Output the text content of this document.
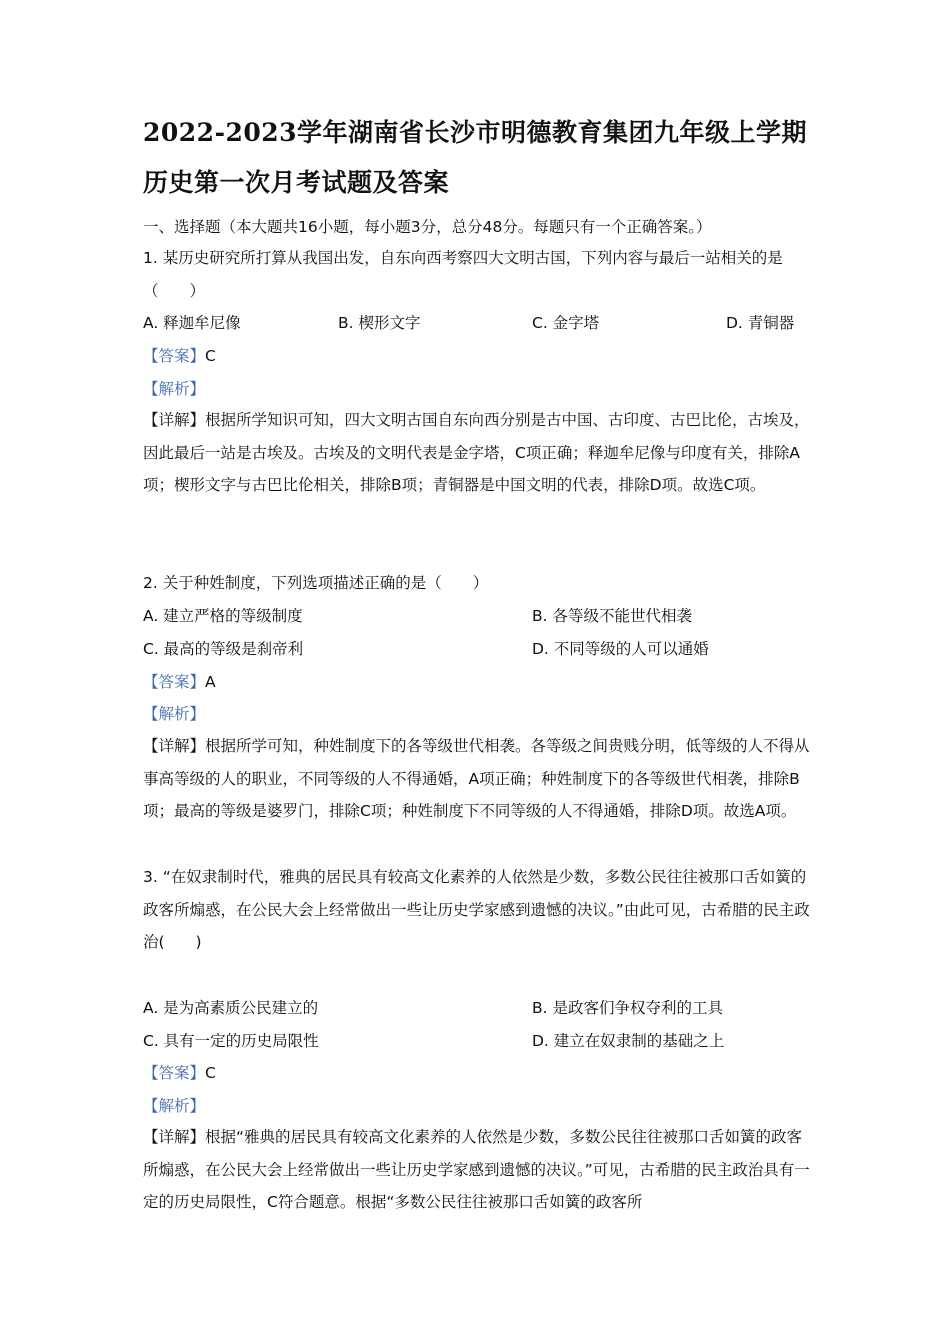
2022-2023学年湖南省长沙市明德教育集团九年级上学期历史第一次月考试题及答案
一、选择题（本大题共16小题，每小题3分，总分48分。每题只有一个正确答案。）
1. 某历史研究所打算从我国出发，自东向西考察四大文明古国，下列内容与最后一站相关的是（　　）
A. 释迦牟尼像	B. 楔形文字	C. 金字塔	D. 青铜器
【答案】C
【解析】
【详解】根据所学知识可知，四大文明古国自东向西分别是古中国、古印度、古巴比伦，古埃及，因此最后一站是古埃及。古埃及的文明代表是金字塔，C项正确；释迦牟尼像与印度有关，排除A项；楔形文字与古巴比伦相关，排除B项；青铜器是中国文明的代表，排除D项。故选C项。
2. 关于种姓制度，下列选项描述正确的是（　　）
A. 建立严格的等级制度	B. 各等级不能世代相袭
C. 最高的等级是刹帝利	D. 不同等级的人可以通婚
【答案】A
【解析】
【详解】根据所学可知，种姓制度下的各等级世代相袭。各等级之间贵贱分明，低等级的人不得从事高等级的人的职业，不同等级的人不得通婚，A项正确；种姓制度下的各等级世代相袭，排除B项；最高的等级是婆罗门，排除C项；种姓制度下不同等级的人不得通婚，排除D项。故选A项。
3. “在奴隶制时代，雅典的居民具有较高文化素养的人依然是少数，多数公民往往被那口舌如簧的政客所煽惑，在公民大会上经常做出一些让历史学家感到遗憾的决议。”由此可见，古希腊的民主政治(　　)
A. 是为高素质公民建立的	B. 是政客们争权夺利的工具
C. 具有一定的历史局限性	D. 建立在奴隶制的基础之上
【答案】C
【解析】
【详解】根据“雅典的居民具有较高文化素养的人依然是少数，多数公民往往被那口舌如簧的政客所煽惑，在公民大会上经常做出一些让历史学家感到遗憾的决议。”可见，古希腊的民主政治具有一定的历史局限性，C符合题意。根据“多数公民往往被那口舌如簧的政客所
